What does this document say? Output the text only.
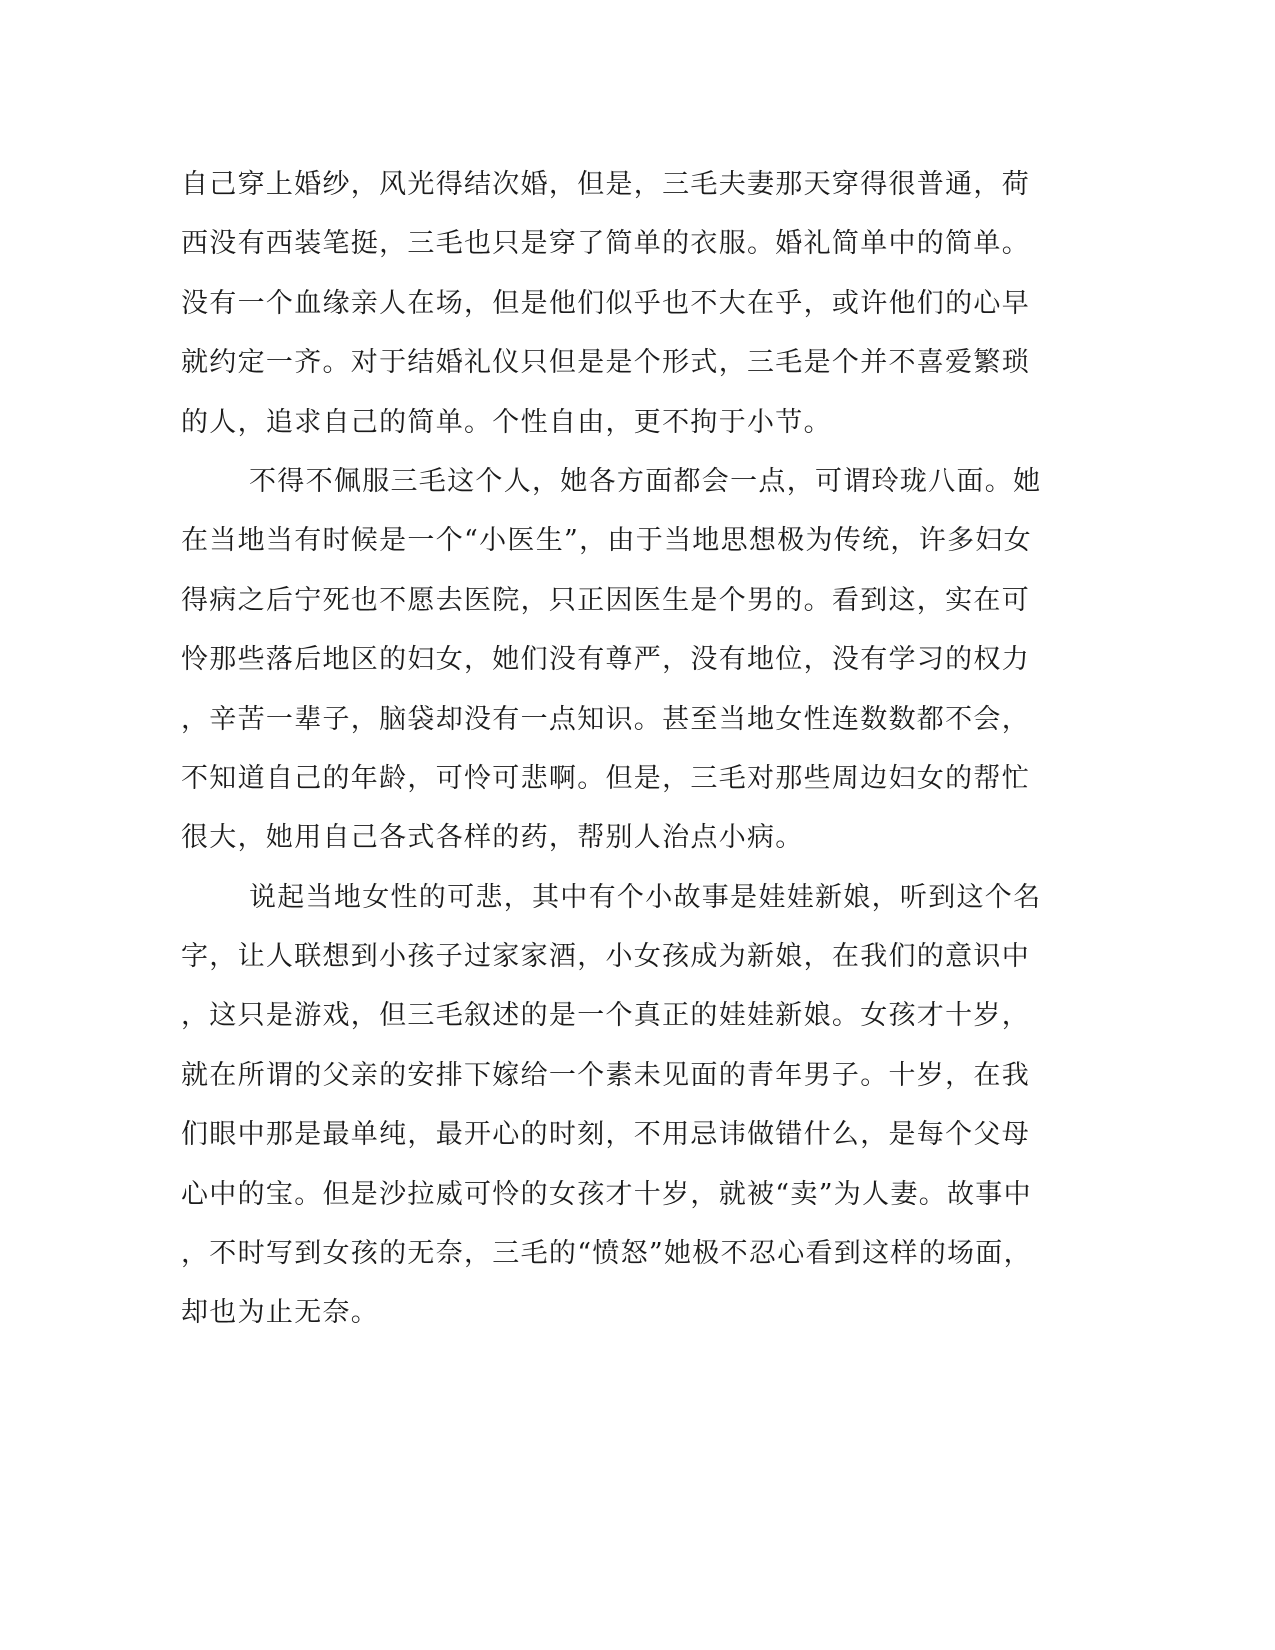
自己穿上婚纱，风光得结次婚，但是，三毛夫妻那天穿得很普通，荷
西没有西装笔挺，三毛也只是穿了简单的衣服。婚礼简单中的简单。
没有一个血缘亲人在场，但是他们似乎也不大在乎，或许他们的心早
就约定一齐。对于结婚礼仪只但是是个形式，三毛是个并不喜爱繁琐
的人，追求自己的简单。个性自由，更不拘于小节。
不得不佩服三毛这个人，她各方面都会一点，可谓玲珑八面。她
在当地当有时候是一个“小医生”，由于当地思想极为传统，许多妇女
得病之后宁死也不愿去医院，只正因医生是个男的。看到这，实在可
怜那些落后地区的妇女，她们没有尊严，没有地位，没有学习的权力
，辛苦一辈子，脑袋却没有一点知识。甚至当地女性连数数都不会，
不知道自己的年龄，可怜可悲啊。但是，三毛对那些周边妇女的帮忙
很大，她用自己各式各样的药，帮别人治点小病。
说起当地女性的可悲，其中有个小故事是娃娃新娘，听到这个名
字，让人联想到小孩子过家家酒，小女孩成为新娘，在我们的意识中
，这只是游戏，但三毛叙述的是一个真正的娃娃新娘。女孩才十岁，
就在所谓的父亲的安排下嫁给一个素未见面的青年男子。十岁，在我
们眼中那是最单纯，最开心的时刻，不用忌讳做错什么，是每个父母
心中的宝。但是沙拉威可怜的女孩才十岁，就被“卖”为人妻。故事中
，不时写到女孩的无奈，三毛的“愤怒”她极不忍心看到这样的场面，
却也为止无奈。
